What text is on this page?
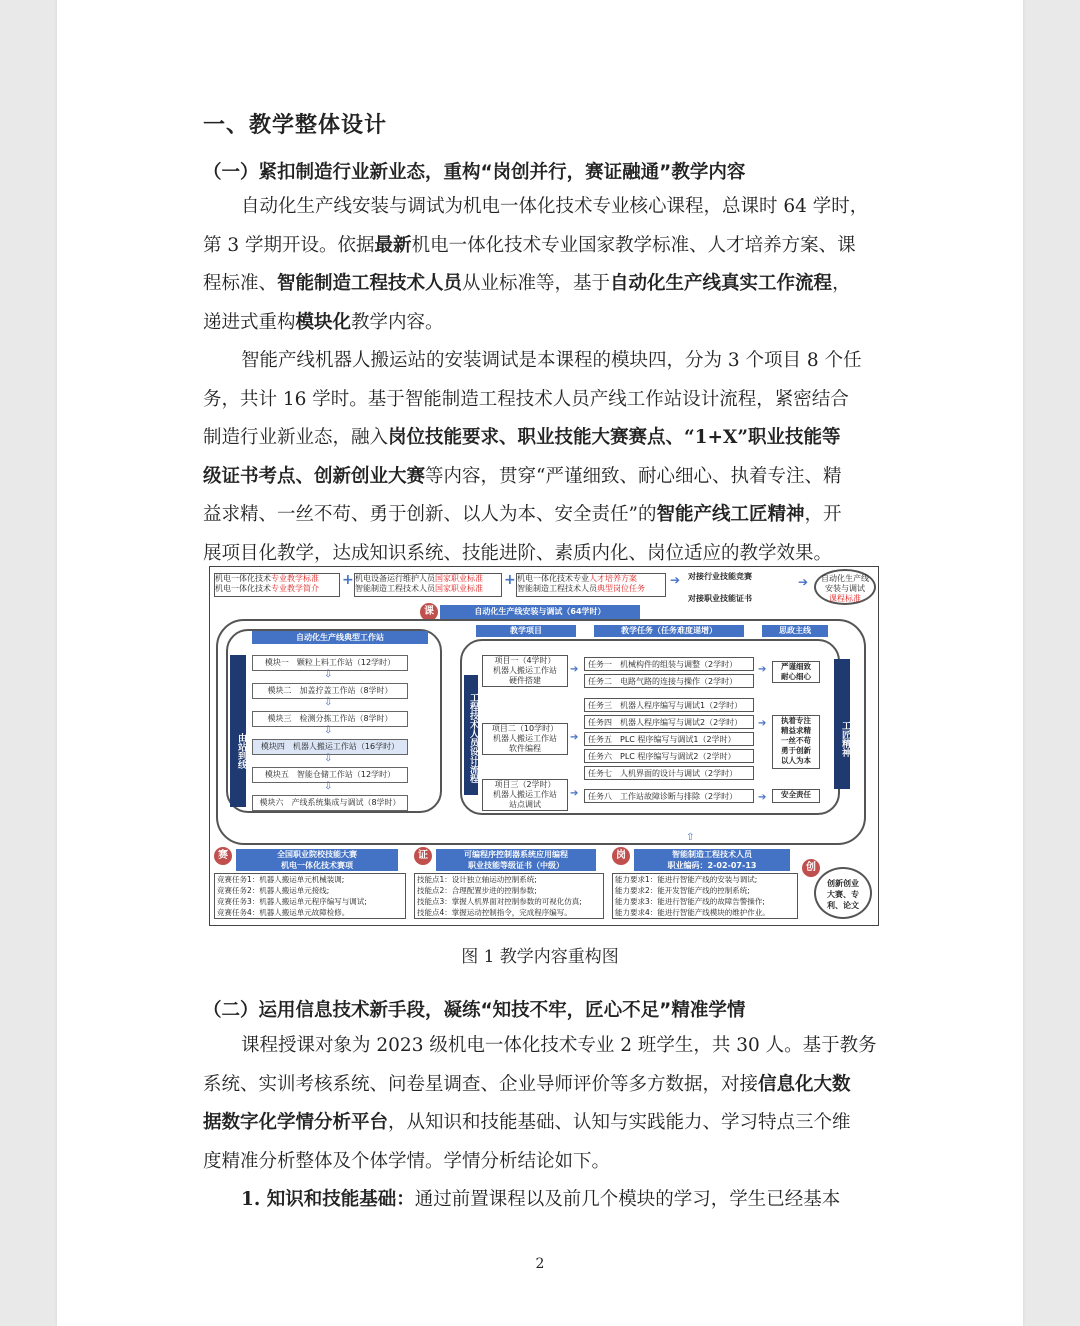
一、教学整体设计
（一）紧扣制造行业新业态，重构“岗创并行，赛证融通”教学内容
自动化生产线安装与调试为机电一体化技术专业核心课程，总课时 64 学时，
第 3 学期开设。依据最新机电一体化技术专业国家教学标准、人才培养方案、课
程标准、智能制造工程技术人员从业标准等，基于自动化生产线真实工作流程，
递进式重构模块化教学内容。
智能产线机器人搬运站的安装调试是本课程的模块四，分为 3 个项目 8 个任
务，共计 16 学时。基于智能制造工程技术人员产线工作站设计流程，紧密结合
制造行业新业态，融入岗位技能要求、职业技能大赛赛点、“1+X”职业技能等
级证书考点、创新创业大赛等内容，贯穿“严谨细致、耐心细心、执着专注、精
益求精、一丝不苟、勇于创新、以人为本、安全责任”的智能产线工匠精神，开
展项目化教学，达成知识系统、技能进阶、素质内化、岗位适应的教学效果。
机电一体化技术专业教学标准
机电一体化技术专业教学简介
+ 机电设备运行维护人员国家职业标准
智能制造工程技术人员国家职业标准
+ 机电一体化技术专业人才培养方案
智能制造工程技术人员典型岗位任务
➔ 对接行业技能竞赛
对接职业技能证书
➔	自动化生产线
安装与调试
课程标准
课	自动化生产线安装与调试（64学时）
自动化生产线典型工作站
由站到线	工程技术人员设计流程
教学项目	教学任务（任务难度递增）	思政主线
工匠精神
模块一　颗粒上料工作站（12学时）
⇩
模块二　加盖拧盖工作站（8学时）
⇩
模块三　检测分拣工作站（8学时）
⇩
模块四　机器人搬运工作站（16学时）
⇩
模块五　智能仓储工作站（12学时）
⇩
模块六　产线系统集成与调试（8学时）
项目一（4学时）
机器人搬运工作站
硬件搭建
➔
项目二（10学时）
机器人搬运工作站
软件编程
➔
项目三（2学时）
机器人搬运工作站
站点调试
➔
任务一　机械构件的组装与调整（2学时）
任务二　电路气路的连接与操作（2学时）
任务三　机器人程序编写与调试1（2学时）
任务四　机器人程序编写与调试2（2学时）
任务五　PLC 程序编写与调试1（2学时）
任务六　PLC 程序编写与调试2（2学时）
任务七　人机界面的设计与调试（2学时）
任务八　工作站故障诊断与排除（2学时）
➔	严谨细致
耐心细心
➔	执着专注
精益求精
一丝不苟
勇于创新
以人为本
➔	安全责任
赛	全国职业院校技能大赛
机电一体化技术赛项
竞赛任务1：机器人搬运单元机械装调;
竞赛任务2：机器人搬运单元接线;
竞赛任务3：机器人搬运单元程序编写与调试;
竞赛任务4：机器人搬运单元故障检修。
证	可编程序控制器系统应用编程
职业技能等级证书（中级）
技能点1：设计独立轴运动控制系统;
技能点2：合理配置步进的控制参数;
技能点3：掌握人机界面对控制参数的可视化仿真;
技能点4：掌握运动控制指令，完成程序编写。
岗	智能制造工程技术人员
职业编码：2-02-07-13
能力要求1：能进行智能产线的安装与调试;
能力要求2：能开发智能产线的控制系统;
能力要求3：能进行智能产线的故障告警操作;
能力要求4：能进行智能产线模块的维护作业。
创
创新创业
大赛、专
利、论文
⇧
图 1 教学内容重构图
（二）运用信息技术新手段，凝练“知技不牢，匠心不足”精准学情
课程授课对象为 2023 级机电一体化技术专业 2 班学生，共 30 人。基于教务
系统、实训考核系统、问卷星调查、企业导师评价等多方数据，对接信息化大数
据数字化学情分析平台，从知识和技能基础、认知与实践能力、学习特点三个维
度精准分析整体及个体学情。学情分析结论如下。
1. 知识和技能基础：通过前置课程以及前几个模块的学习，学生已经基本
2
